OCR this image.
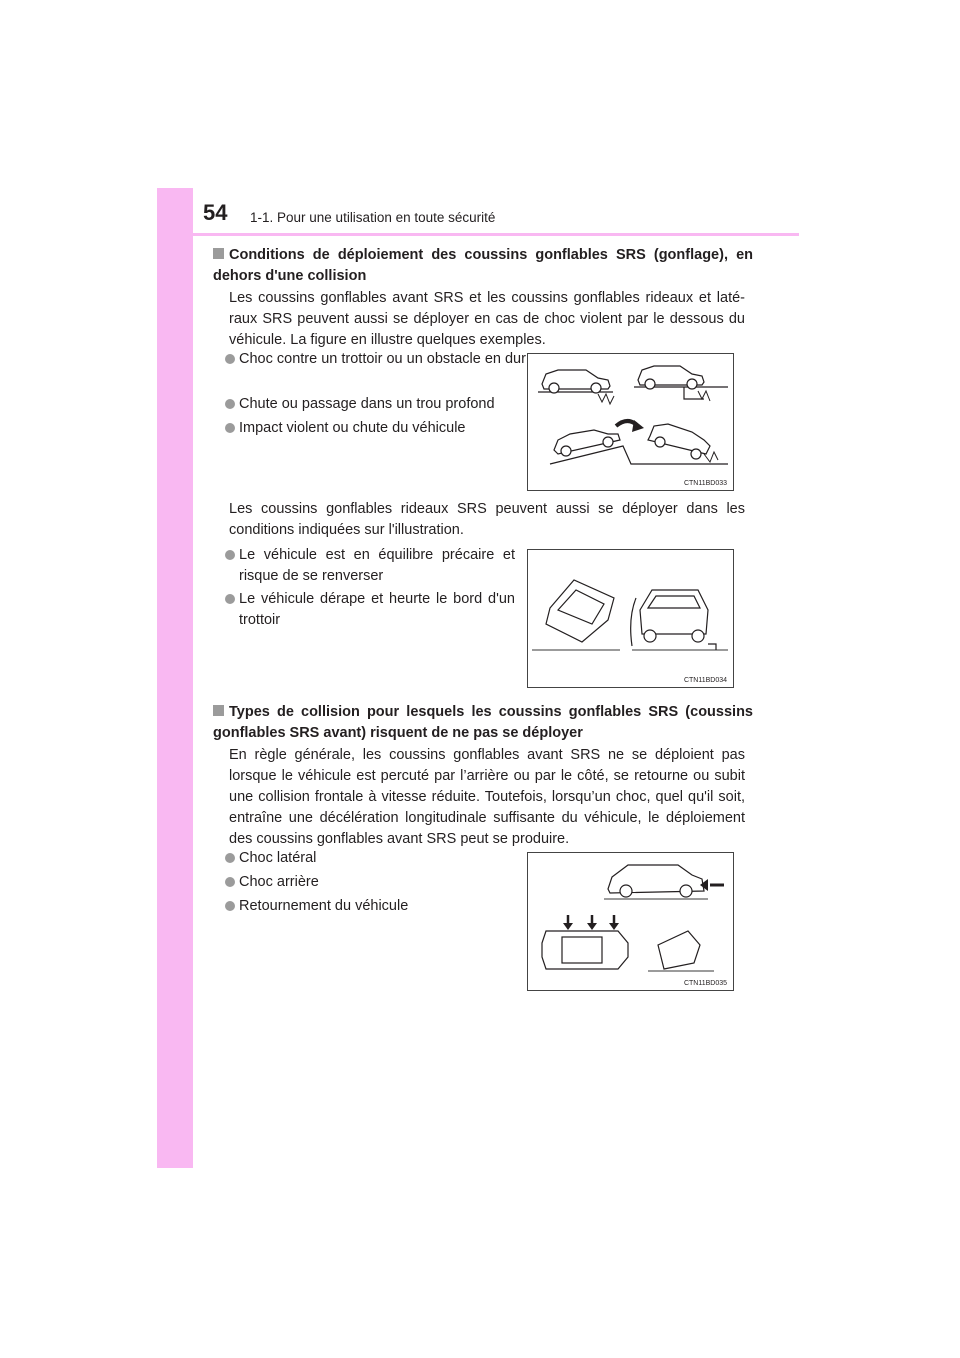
54 1-1. Pour une utilisation en toute sécurité
Conditions de déploiement des coussins gonflables SRS (gonflage), en dehors d'une collision
Les coussins gonflables avant SRS et les coussins gonflables rideaux et laté-raux SRS peuvent aussi se déployer en cas de choc violent par le dessous du véhicule. La figure en illustre quelques exemples.
Choc contre un trottoir ou un obstacle en dur
Chute ou passage dans un trou profond
Impact violent ou chute du véhicule
CTN11BD033
Les coussins gonflables rideaux SRS peuvent aussi se déployer dans les conditions indiquées sur l'illustration.
Le véhicule est en équilibre précaire et risque de se renverser
Le véhicule dérape et heurte le bord d'un trottoir
CTN11BD034
Types de collision pour lesquels les coussins gonflables SRS (coussins gonflables SRS avant) risquent de ne pas se déployer
En règle générale, les coussins gonflables avant SRS ne se déploient pas lorsque le véhicule est percuté par l’arrière ou par le côté, se retourne ou subit une collision frontale à vitesse réduite. Toutefois, lorsqu’un choc, quel qu'il soit, entraîne une décélération longitudinale suffisante du véhicule, le déploiement des coussins gonflables avant SRS peut se produire.
Choc latéral
Choc arrière
Retournement du véhicule
CTN11BD035
